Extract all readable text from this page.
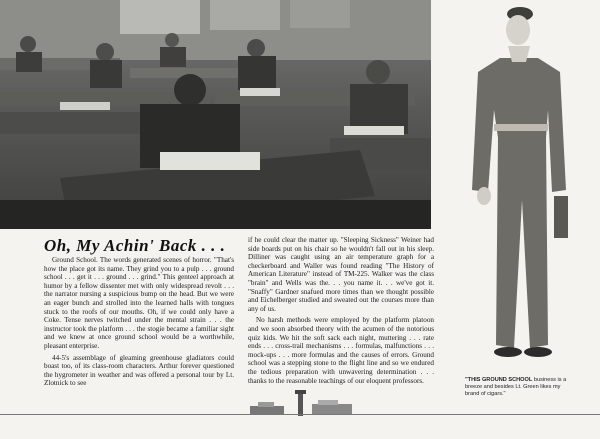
Oh, My Achin' Back . . .

Ground School. The words generated scenes of horror. "That's how the place got its name. They grind you to a pulp . . . ground school . . . get it . . . ground . . . grind." This genteel approach at humor by a fellow dissenter met with only widespread revolt . . . the narrator nursing a suspicious bump on the head. But we were an eager bunch and strolled into the learned halls with tongues stuck to the roofs of our mouths. Oh, if we could only have a Coke. Tense nerves twitched under the mental strain . . . the instructor took the platform . . . the stogie became a familiar sight and we knew at once ground school would be a worthwhile, pleasant enterprise.

44-5's assemblage of gleaming greenhouse gladiators could boast too, of its class-room characters. Arthur forever questioned the hygrometer in weather and was offered a personal tour by Lt. Zlotnick to see

if he could clear the matter up. "Sleeping Sickness" Weiner had side boards put on his chair so he wouldn't fall out in his sleep. Dilliner was caught using an air temperature graph for a checkerboard and Waller was found reading "The History of American Literature" instead of TM-225. Walker was the class "brain" and Wells was the. . . you name it. . . we've got it. "Snaffy" Gardner snafued more times than we thought possible and Eichelberger studied and sweated out the courses more than any of us.

No harsh methods were employed by the platform platoon and we soon absorbed theory with the acumen of the notorious quiz kids. We hit the soft sack each night, muttering . . . rate ends . . . cross-trail mechanisms . . . formulas, malfunctions . . . mock-ups . . . more formulas and the causes of errors. Ground school was a stepping stone to the flight line and so we endured the tedious preparation with unwavering determination . . . thanks to the reasonable teachings of our eloquent professors.	"THIS GROUND SCHOOL business is a breeze and besides Lt. Green likes my brand of cigars."
